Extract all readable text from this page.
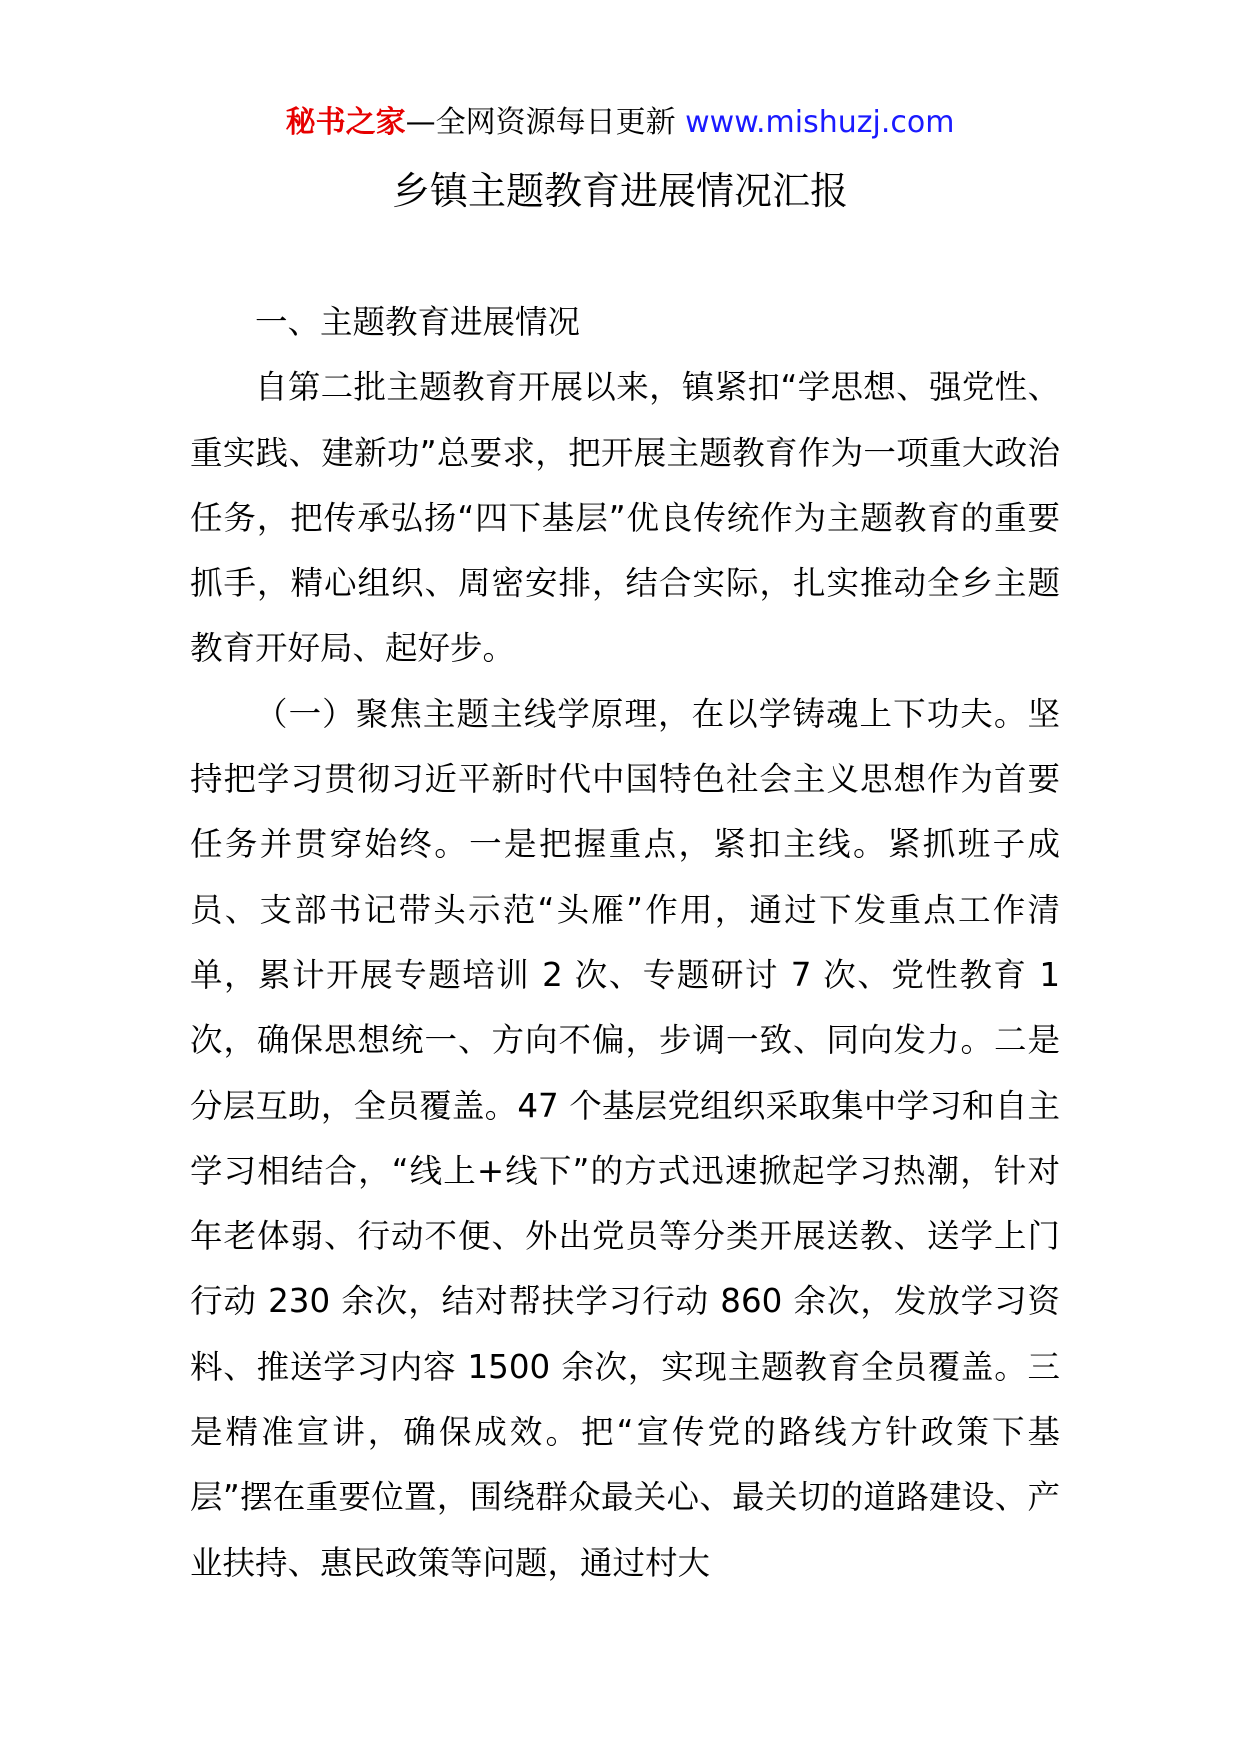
秘书之家—全网资源每日更新 www.mishuzj.com
乡镇主题教育进展情况汇报
一、主题教育进展情况

自第二批主题教育开展以来，镇紧扣“学思想、强党性、重实践、建新功”总要求，把开展主题教育作为一项重大政治任务，把传承弘扬“四下基层”优良传统作为主题教育的重要抓手，精心组织、周密安排，结合实际，扎实推动全乡主题教育开好局、起好步。

（一）聚焦主题主线学原理，在以学铸魂上下功夫。坚持把学习贯彻习近平新时代中国特色社会主义思想作为首要任务并贯穿始终。一是把握重点，紧扣主线。紧抓班子成员、支部书记带头示范“头雁”作用，通过下发重点工作清单，累计开展专题培训 2 次、专题研讨 7 次、党性教育 1 次，确保思想统一、方向不偏，步调一致、同向发力。二是分层互助，全员覆盖。47 个基层党组织采取集中学习和自主学习相结合，“线上+线下”的方式迅速掀起学习热潮，针对年老体弱、行动不便、外出党员等分类开展送教、送学上门行动 230 余次，结对帮扶学习行动 860 余次，发放学习资料、推送学习内容 1500 余次，实现主题教育全员覆盖。三是精准宣讲，确保成效。把“宣传党的路线方针政策下基层”摆在重要位置，围绕群众最关心、最关切的道路建设、产业扶持、惠民政策等问题，通过村大
